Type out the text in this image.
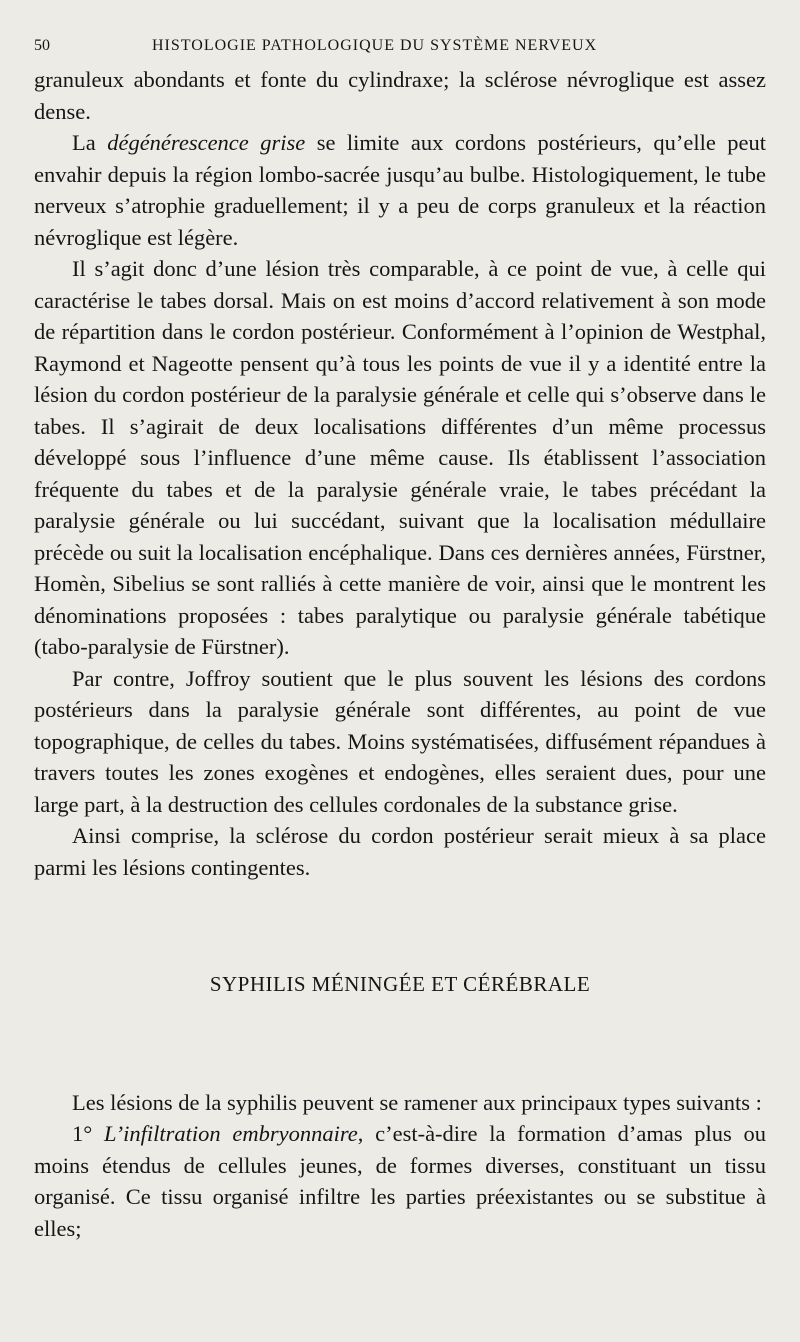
50	HISTOLOGIE PATHOLOGIQUE DU SYSTÈME NERVEUX

granuleux abondants et fonte du cylindraxe; la sclérose névroglique est assez dense.

La dégénérescence grise se limite aux cordons postérieurs, qu’elle peut envahir depuis la région lombo-sacrée jusqu’au bulbe. Histologiquement, le tube nerveux s’atrophie graduellement; il y a peu de corps granuleux et la réaction névroglique est légère.

Il s’agit donc d’une lésion très comparable, à ce point de vue, à celle qui caractérise le tabes dorsal. Mais on est moins d’accord relativement à son mode de répartition dans le cordon postérieur. Conformément à l’opinion de Westphal, Raymond et Nageotte pensent qu’à tous les points de vue il y a identité entre la lésion du cordon postérieur de la paralysie générale et celle qui s’observe dans le tabes. Il s’agirait de deux localisations différentes d’un même processus développé sous l’influence d’une même cause. Ils établissent l’association fréquente du tabes et de la paralysie générale vraie, le tabes précédant la paralysie générale ou lui succédant, suivant que la localisation médullaire précède ou suit la localisation encéphalique. Dans ces dernières années, Fürstner, Homèn, Sibelius se sont ralliés à cette manière de voir, ainsi que le montrent les dénominations proposées : tabes paralytique ou paralysie générale tabétique (tabo-paralysie de Fürstner).

Par contre, Joffroy soutient que le plus souvent les lésions des cordons postérieurs dans la paralysie générale sont différentes, au point de vue topographique, de celles du tabes. Moins systématisées, diffusément répandues à travers toutes les zones exogènes et endogènes, elles seraient dues, pour une large part, à la destruction des cellules cordonales de la substance grise.

Ainsi comprise, la sclérose du cordon postérieur serait mieux à sa place parmi les lésions contingentes.

SYPHILIS MÉNINGÉE ET CÉRÉBRALE

Les lésions de la syphilis peuvent se ramener aux principaux types suivants :

1° L’infiltration embryonnaire, c’est-à-dire la formation d’amas plus ou moins étendus de cellules jeunes, de formes diverses, constituant un tissu organisé. Ce tissu organisé infiltre les parties préexistantes ou se substitue à elles;
